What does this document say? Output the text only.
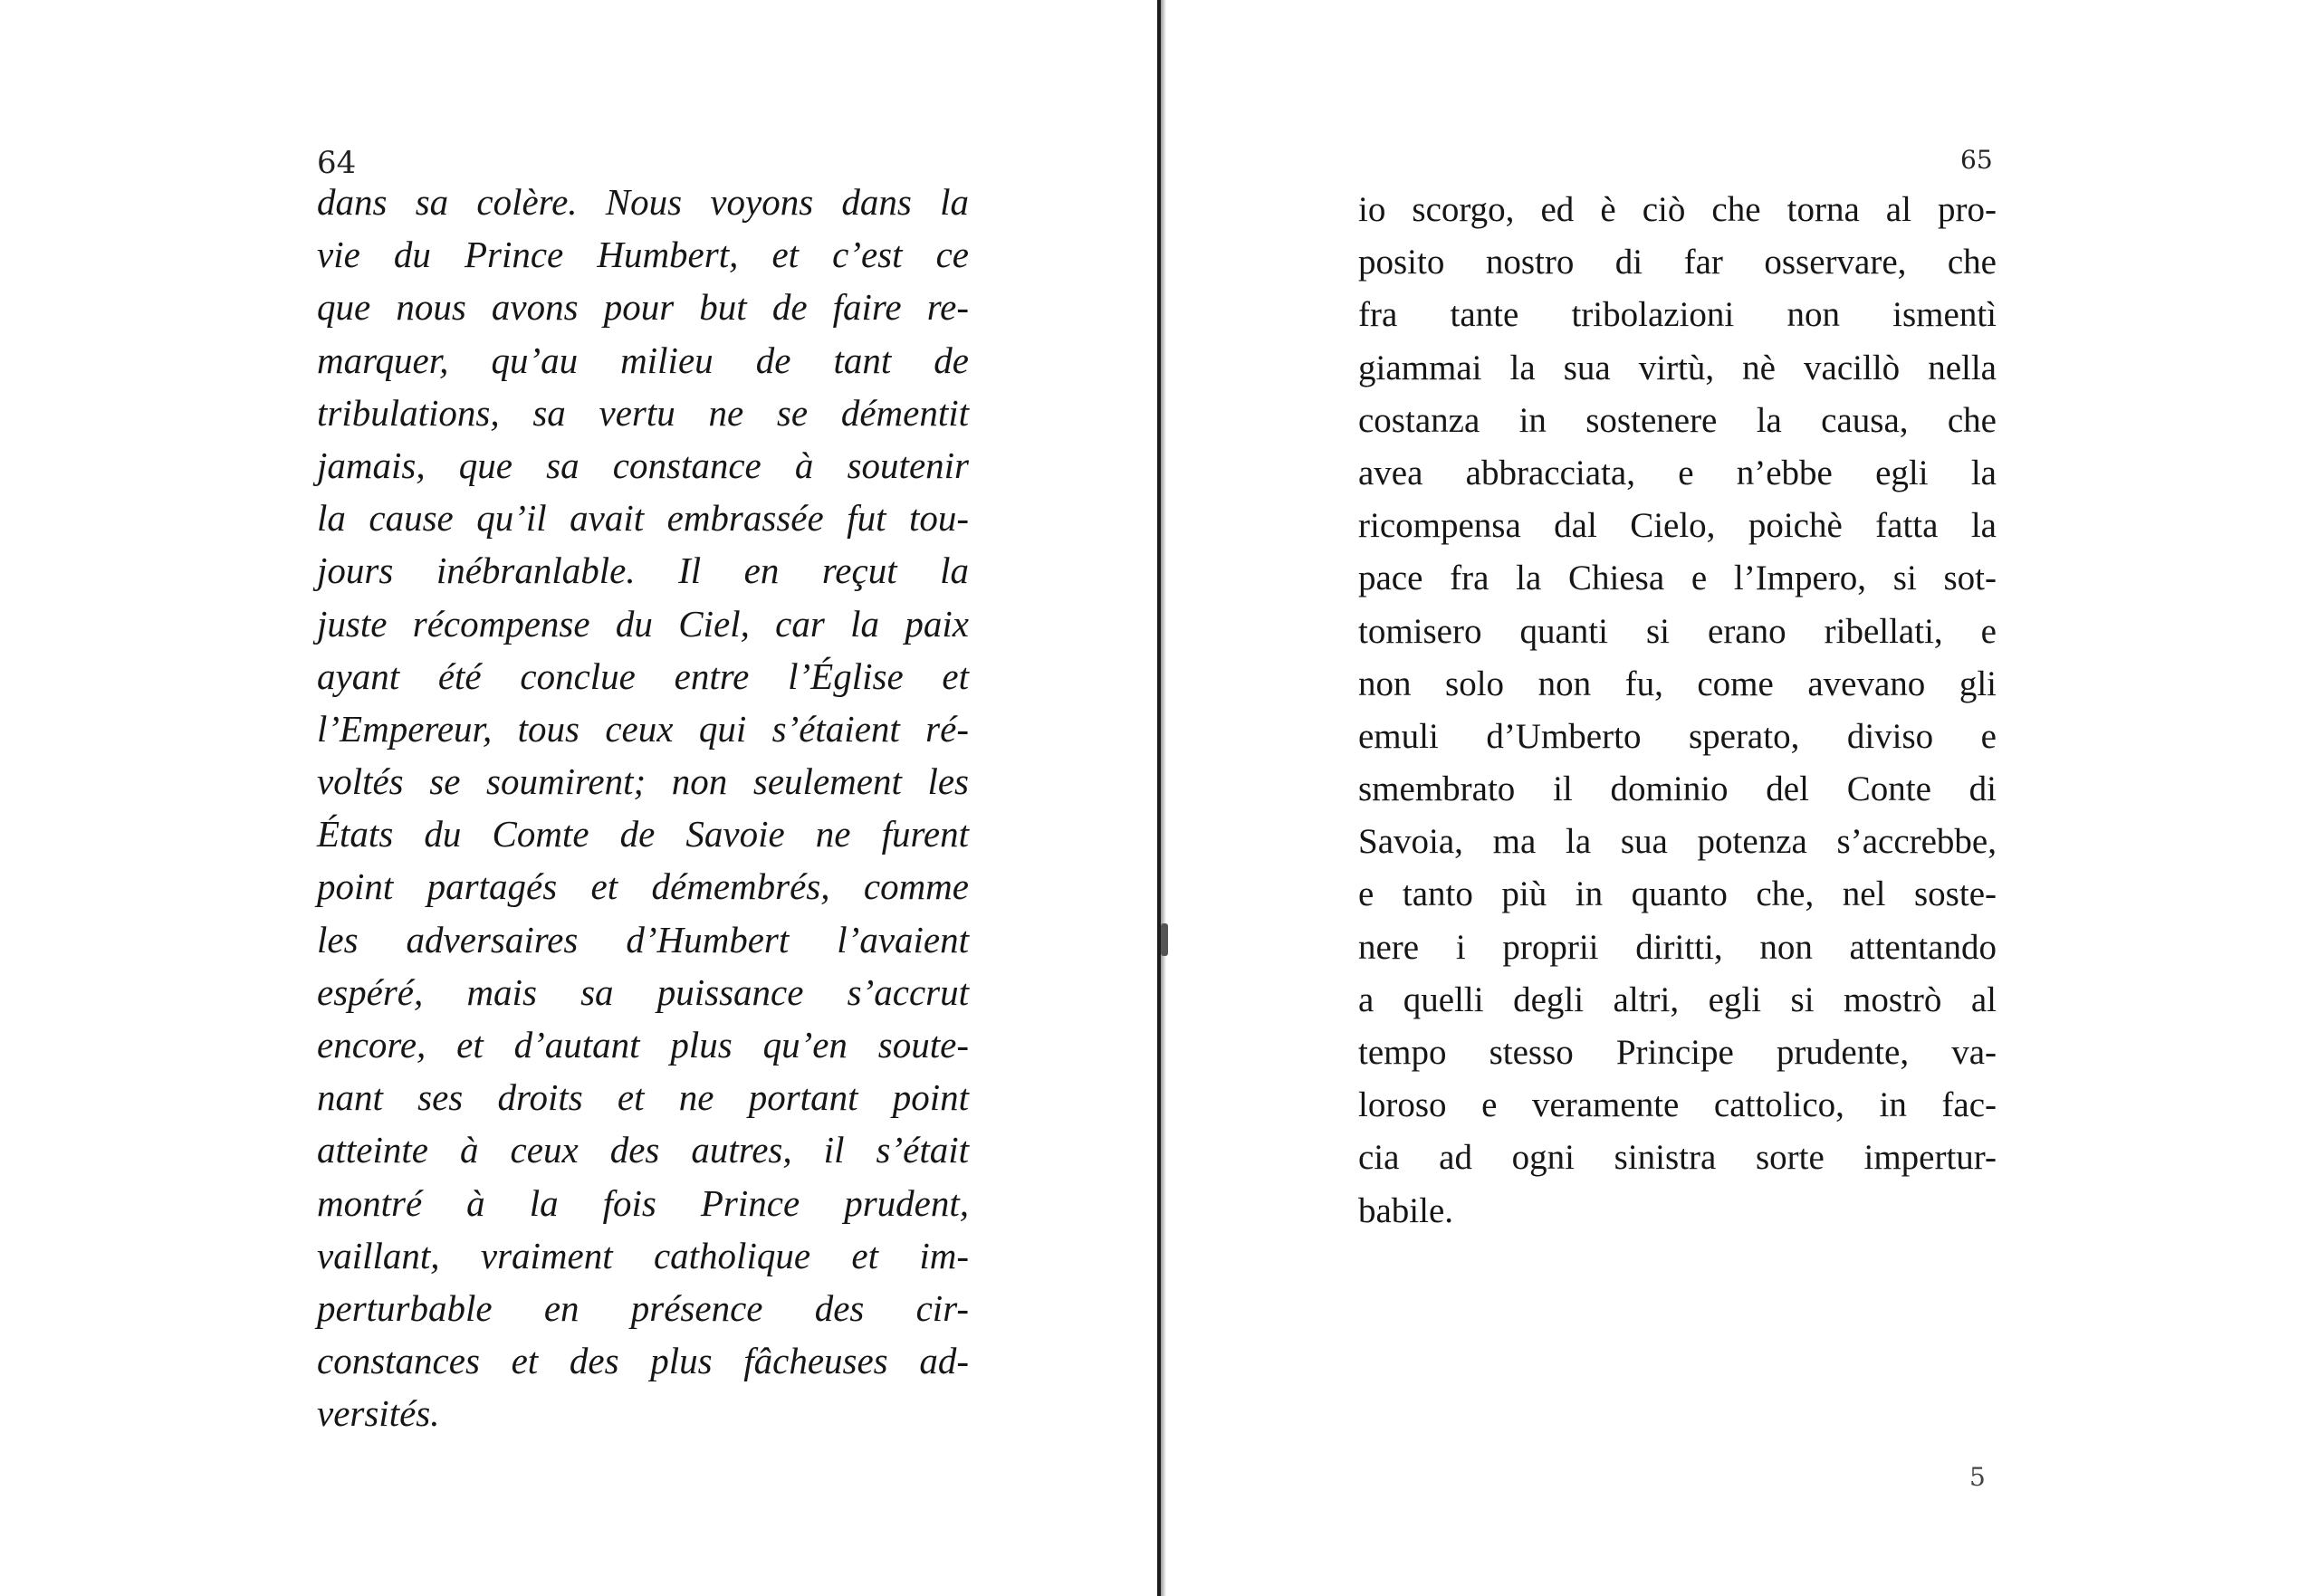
64
dans sa colère. Nous voyons dans la
vie du Prince Humbert, et c’est ce
que nous avons pour but de faire re-
marquer, qu’au milieu de tant de
tribulations, sa vertu ne se démentit
jamais, que sa constance à soutenir
la cause qu’il avait embrassée fut tou-
jours inébranlable. Il en reçut la
juste récompense du Ciel, car la paix
ayant été conclue entre l’Église et
l’Empereur, tous ceux qui s’étaient ré-
voltés se soumirent; non seulement les
États du Comte de Savoie ne furent
point partagés et démembrés, comme
les adversaires d’Humbert l’avaient
espéré, mais sa puissance s’accrut
encore, et d’autant plus qu’en soute-
nant ses droits et ne portant point
atteinte à ceux des autres, il s’était
montré à la fois Prince prudent,
vaillant, vraiment catholique et im-
perturbable en présence des cir-
constances et des plus fâcheuses ad-
versités.
65
io scorgo, ed è ciò che torna al pro-
posito nostro di far osservare, che
fra tante tribolazioni non ismentì
giammai la sua virtù, nè vacillò nella
costanza in sostenere la causa, che
avea abbracciata, e n’ebbe egli la
ricompensa dal Cielo, poichè fatta la
pace fra la Chiesa e l’Impero, si sot-
tomisero quanti si erano ribellati, e
non solo non fu, come avevano gli
emuli d’Umberto sperato, diviso e
smembrato il dominio del Conte di
Savoia, ma la sua potenza s’accrebbe,
e tanto più in quanto che, nel soste-
nere i proprii diritti, non attentando
a quelli degli altri, egli si mostrò al
tempo stesso Principe prudente, va-
loroso e veramente cattolico, in fac-
cia ad ogni sinistra sorte impertur-
babile.
5
